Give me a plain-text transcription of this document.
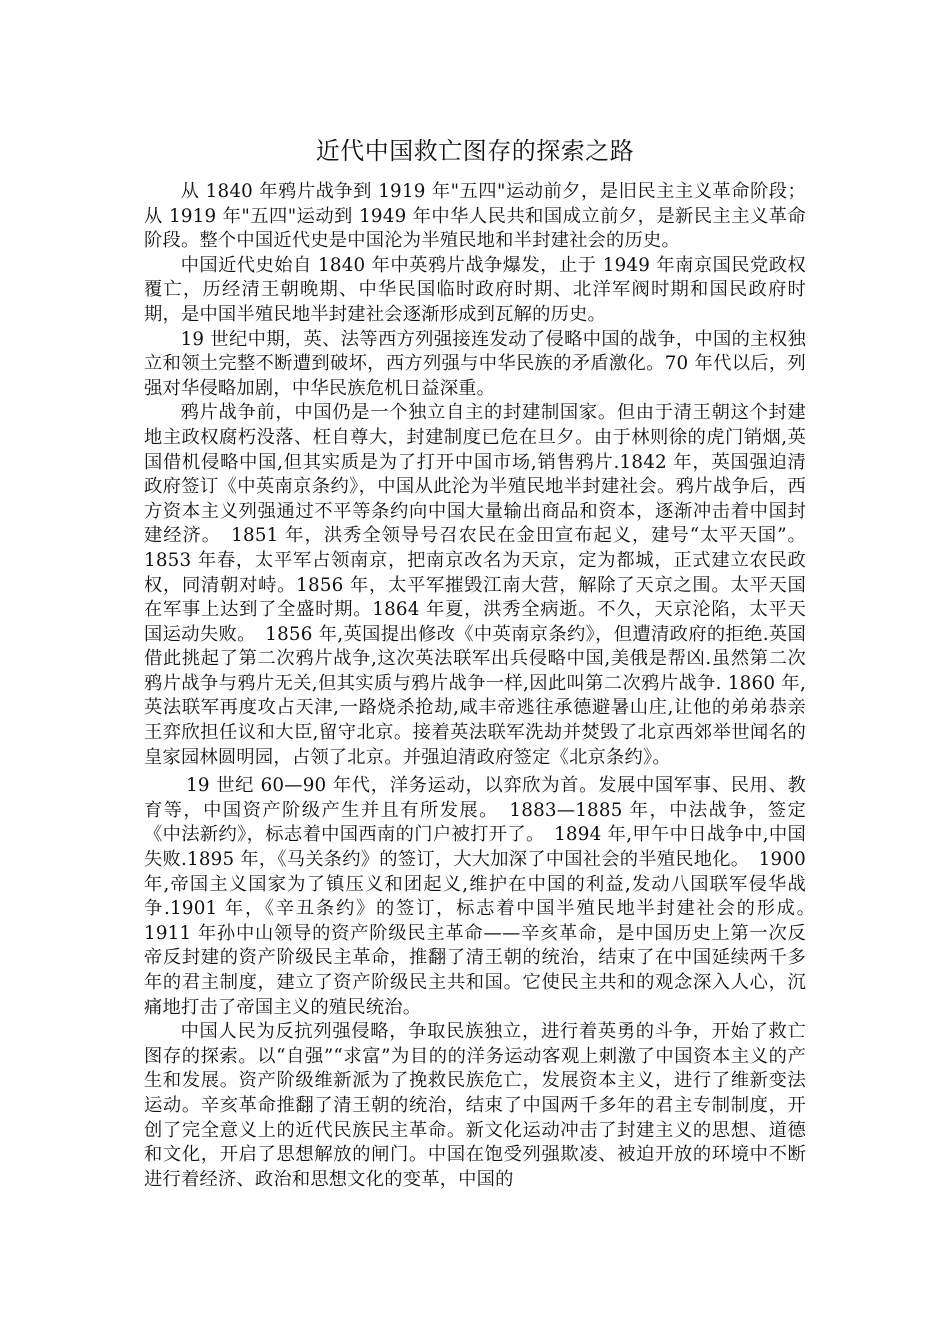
近代中国救亡图存的探索之路

从 1840 年鸦片战争到 1919 年"五四"运动前夕，是旧民主主义革命阶段；从 1919 年"五四"运动到 1949 年中华人民共和国成立前夕，是新民主主义革命阶段。整个中国近代史是中国沦为半殖民地和半封建社会的历史。

中国近代史始自 1840 年中英鸦片战争爆发，止于 1949 年南京国民党政权覆亡，历经清王朝晚期、中华民国临时政府时期、北洋军阀时期和国民政府时期，是中国半殖民地半封建社会逐渐形成到瓦解的历史。

19 世纪中期，英、法等西方列强接连发动了侵略中国的战争，中国的主权独立和领土完整不断遭到破坏，西方列强与中华民族的矛盾激化。70 年代以后，列强对华侵略加剧，中华民族危机日益深重。

鸦片战争前，中国仍是一个独立自主的封建制国家。但由于清王朝这个封建地主政权腐朽没落、枉自尊大，封建制度已危在旦夕。由于林则徐的虎门销烟,英国借机侵略中国,但其实质是为了打开中国市场,销售鸦片.1842 年，英国强迫清政府签订《中英南京条约》，中国从此沦为半殖民地半封建社会。鸦片战争后，西方资本主义列强通过不平等条约向中国大量输出商品和资本，逐渐冲击着中国封建经济。　1851 年，洪秀全领导号召农民在金田宣布起义，建号“太平天国”。1853 年春，太平军占领南京，把南京改名为天京，定为都城，正式建立农民政权，同清朝对峙。1856 年，太平军摧毁江南大营，解除了天京之围。太平天国在军事上达到了全盛时期。1864 年夏，洪秀全病逝。不久，天京沦陷，太平天国运动失败。　1856 年,英国提出修改《中英南京条约》，但遭清政府的拒绝.英国借此挑起了第二次鸦片战争,这次英法联军出兵侵略中国,美俄是帮凶.虽然第二次鸦片战争与鸦片无关,但其实质与鸦片战争一样,因此叫第二次鸦片战争. 1860 年,英法联军再度攻占天津,一路烧杀抢劫,咸丰帝逃往承德避暑山庄,让他的弟弟恭亲王弈欣担任议和大臣,留守北京。接着英法联军洗劫并焚毁了北京西郊举世闻名的皇家园林圆明园，占领了北京。并强迫清政府签定《北京条约》。

19 世纪 60—90 年代，洋务运动，以弈欣为首。发展中国军事、民用、教育等，中国资产阶级产生并且有所发展。　1883—1885 年，中法战争，签定《中法新约》，标志着中国西南的门户被打开了。　1894 年,甲午中日战争中,中国失败.1895 年，《马关条约》的签订，大大加深了中国社会的半殖民地化。　1900 年,帝国主义国家为了镇压义和团起义,维护在中国的利益,发动八国联军侵华战争.1901 年，《辛丑条约》的签订，标志着中国半殖民地半封建社会的形成。　1911 年孙中山领导的资产阶级民主革命——辛亥革命，是中国历史上第一次反帝反封建的资产阶级民主革命，推翻了清王朝的统治，结束了在中国延续两千多年的君主制度，建立了资产阶级民主共和国。它使民主共和的观念深入人心，沉痛地打击了帝国主义的殖民统治。

中国人民为反抗列强侵略，争取民族独立，进行着英勇的斗争，开始了救亡图存的探索。以“自强”“求富”为目的的洋务运动客观上刺激了中国资本主义的产生和发展。资产阶级维新派为了挽救民族危亡，发展资本主义，进行了维新变法运动。辛亥革命推翻了清王朝的统治，结束了中国两千多年的君主专制制度，开创了完全意义上的近代民族民主革命。新文化运动冲击了封建主义的思想、道德和文化，开启了思想解放的闸门。中国在饱受列强欺凌、被迫开放的环境中不断进行着经济、政治和思想文化的变革，中国的
